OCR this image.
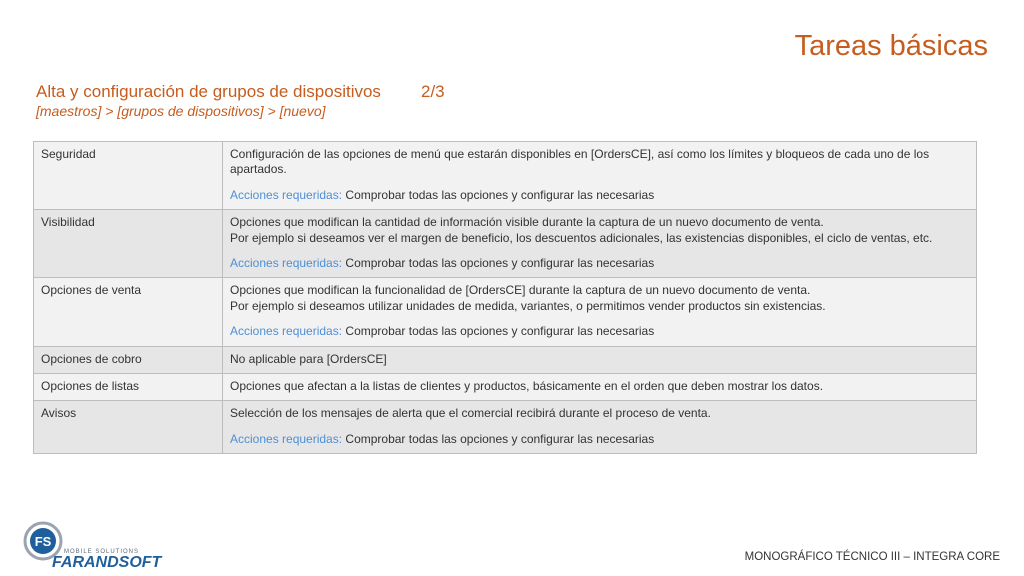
Tareas básicas
Alta y configuración de grupos de dispositivos 2/3
[maestros] > [grupos de dispositivos] > [nuevo]
Seguridad	Configuración de las opciones de menú que estarán disponibles en [OrdersCE], así como los límites y bloqueos de cada uno de los apartados.
Acciones requeridas: Comprobar todas las opciones y configurar las necesarias

Visibilidad	Opciones que modifican la cantidad de información visible durante la captura de un nuevo documento de venta.
Por ejemplo si deseamos ver el margen de beneficio, los descuentos adicionales, las existencias disponibles, el ciclo de ventas, etc.
Acciones requeridas: Comprobar todas las opciones y configurar las necesarias

Opciones de venta	Opciones que modifican la funcionalidad de [OrdersCE] durante la captura de un nuevo documento de venta.
Por ejemplo si deseamos utilizar unidades de medida, variantes, o permitimos vender productos sin existencias.
Acciones requeridas: Comprobar todas las opciones y configurar las necesarias

Opciones de cobro	No aplicable para [OrdersCE]

Opciones de listas	Opciones que afectan a la listas de clientes y productos, básicamente en el orden que deben mostrar los datos.

Avisos	Selección de los mensajes de alerta que el comercial recibirá durante el proceso de venta.
Acciones requeridas: Comprobar todas las opciones y configurar las necesarias
FS
MOBILE SOLUTIONS
FARANDSOFT	MONOGRÁFICO TÉCNICO III – INTEGRA CORE
